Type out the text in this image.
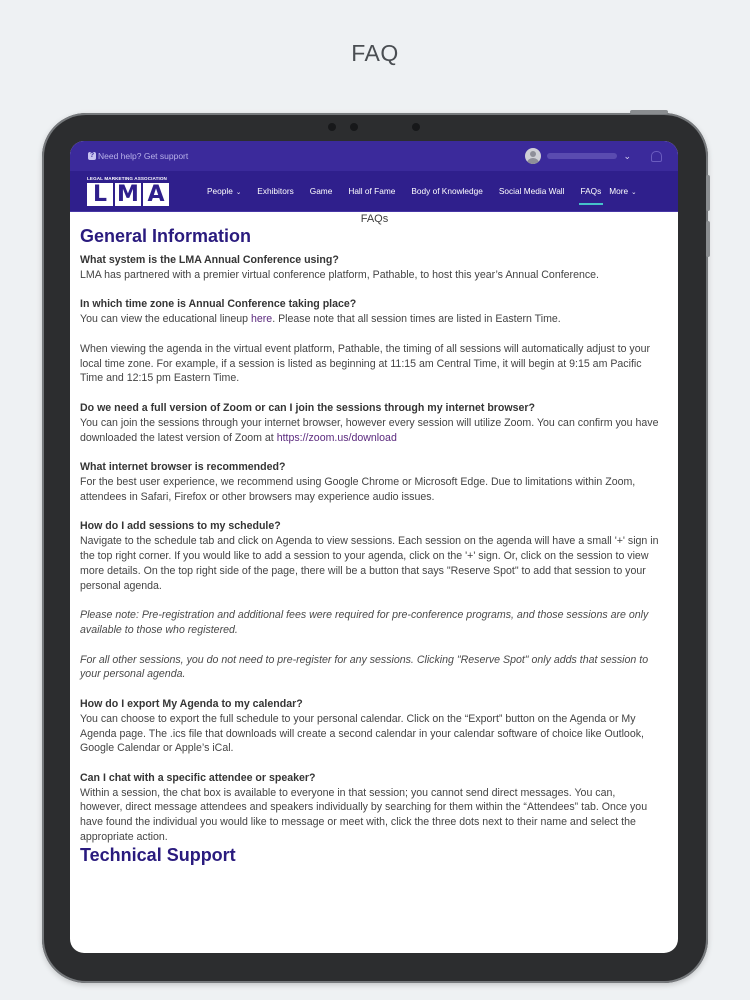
FAQ
? Need help? Get support	⌄
LEGAL MARKETING ASSOCIATION
L M A	People ⌄ Exhibitors Game Hall of Fame Body of Knowledge Social Media Wall FAQs More ⌄
FAQs
General Information
What system is the LMA Annual Conference using?
LMA has partnered with a premier virtual conference platform, Pathable, to host this year’s Annual Conference.
In which time zone is Annual Conference taking place?
You can view the educational lineup here. Please note that all session times are listed in Eastern Time.
When viewing the agenda in the virtual event platform, Pathable, the timing of all sessions will automatically adjust to your
local time zone. For example, if a session is listed as beginning at 11:15 am Central Time, it will begin at 9:15 am Pacific
Time and 12:15 pm Eastern Time.
Do we need a full version of Zoom or can I join the sessions through my internet browser?
You can join the sessions through your internet browser, however every session will utilize Zoom. You can confirm you have
downloaded the latest version of Zoom at https://zoom.us/download
What internet browser is recommended?
For the best user experience, we recommend using Google Chrome or Microsoft Edge. Due to limitations within Zoom,
attendees in Safari, Firefox or other browsers may experience audio issues.
How do I add sessions to my schedule?
Navigate to the schedule tab and click on Agenda to view sessions. Each session on the agenda will have a small '+' sign in
the top right corner. If you would like to add a session to your agenda, click on the '+' sign. Or, click on the session to view
more details. On the top right side of the page, there will be a button that says "Reserve Spot" to add that session to your
personal agenda.
Please note: Pre-registration and additional fees were required for pre-conference programs, and those sessions are only
available to those who registered.
For all other sessions, you do not need to pre-register for any sessions. Clicking "Reserve Spot" only adds that session to
your personal agenda.
How do I export My Agenda to my calendar?
You can choose to export the full schedule to your personal calendar. Click on the “Export” button on the Agenda or My
Agenda page. The .ics file that downloads will create a second calendar in your calendar software of choice like Outlook,
Google Calendar or Apple’s iCal.
Can I chat with a specific attendee or speaker?
Within a session, the chat box is available to everyone in that session; you cannot send direct messages. You can,
however, direct message attendees and speakers individually by searching for them within the “Attendees” tab. Once you
have found the individual you would like to message or meet with, click the three dots next to their name and select the
appropriate action.
Technical Support
